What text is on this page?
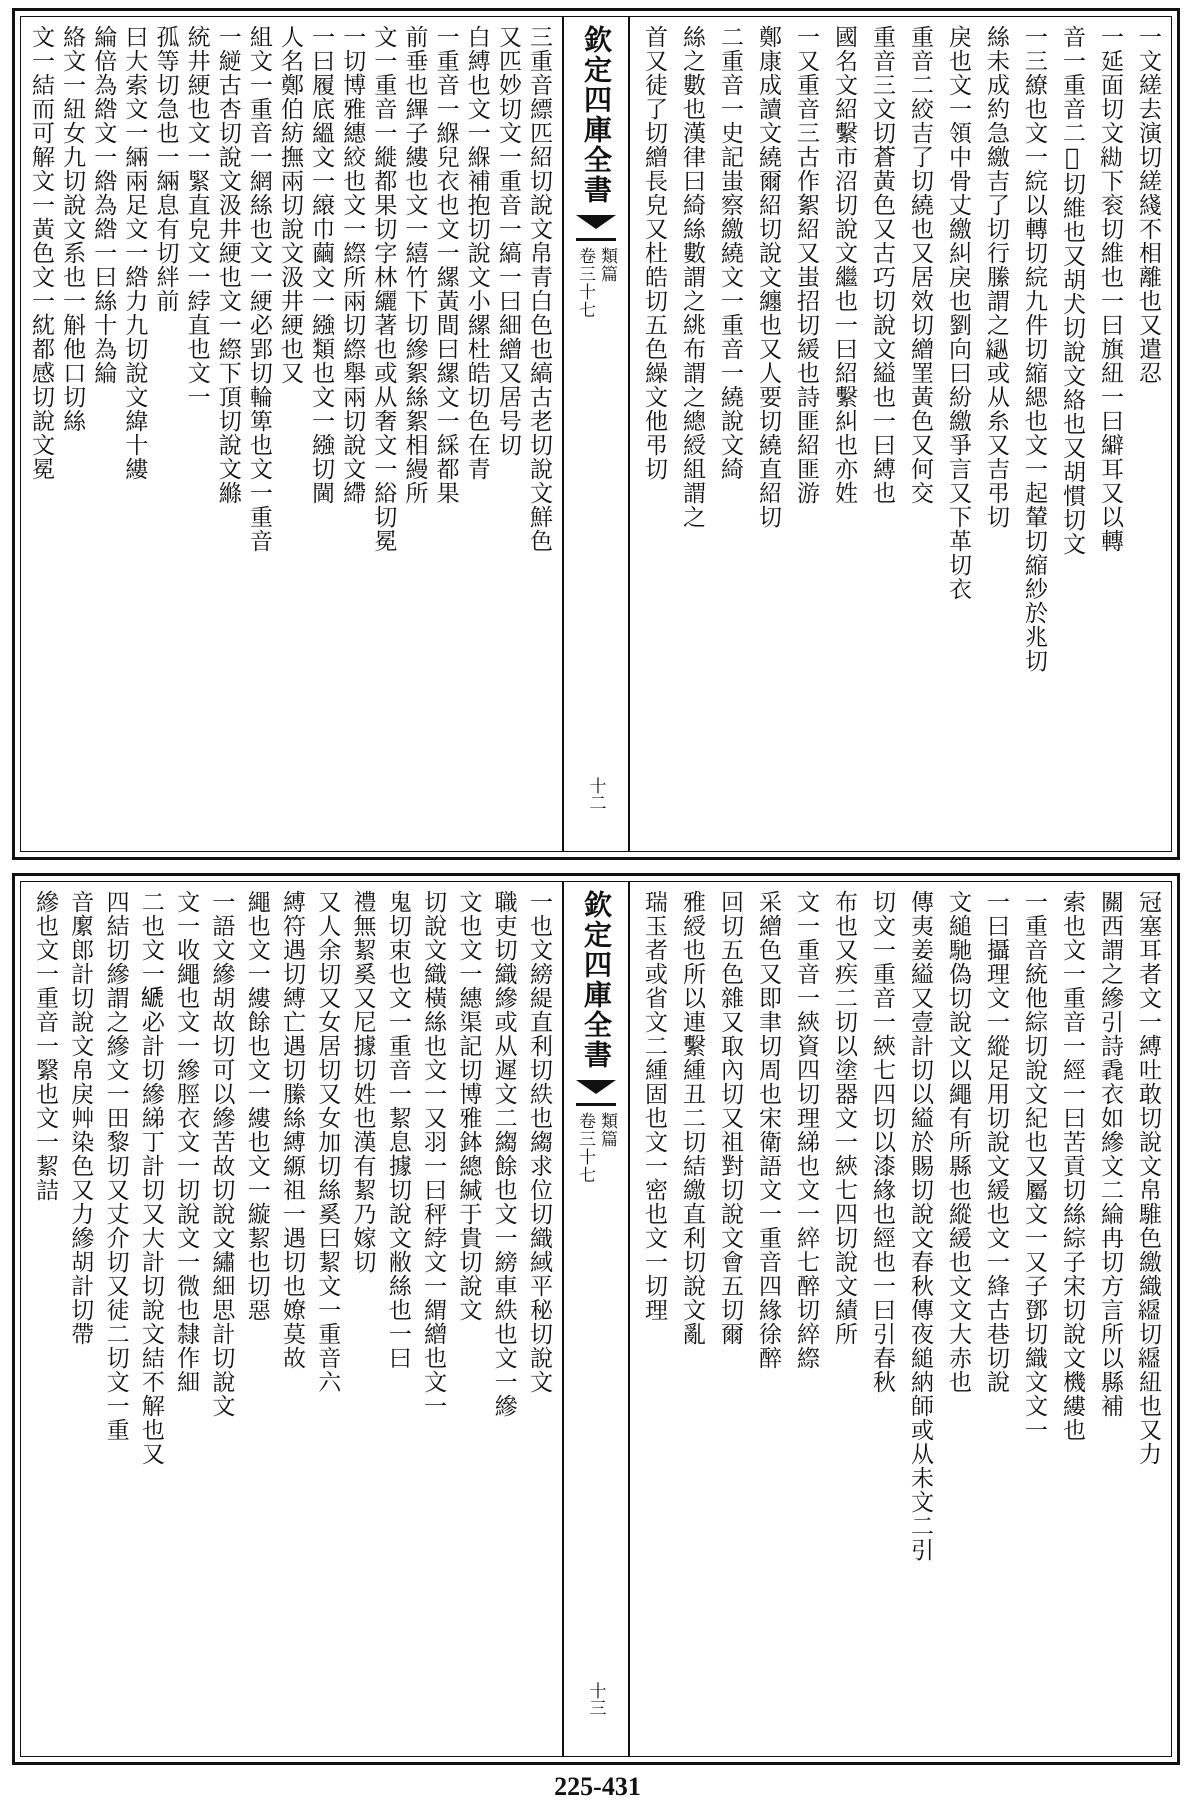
一文縒去演切縒綫不相離也又遣忍
一延面切文𦀖下衮切維也一曰旗紐一曰䌟耳又以轉
音一重音二𦅅切維也又胡犬切說文絡也又胡慣切文
一三繚也文一綄以轉切綄九件切縮緦也文一起輦切縮紗於兆切
絲未成約急繳吉了切行縢謂之𦄚或从糸又吉弔切
戾也文一領中骨丈繳糾戾也劉向曰紛繳爭言又下革切衣
重音二絞吉了切繞也又居效切繒罣黃色又何交
重音三文切蒼黃色又古巧切說文縊也一曰縛也
國名文紹繫市沼切說文繼也一曰紹繫糾也亦姓
一又重音三古作絮紹又蚩招切緩也詩匪紹匪游
鄭康成讀文繞爾紹切說文纏也又人要切繞直紹切
二重音一史記蚩察繳繞文一重音一繞說文綺
絲之數也漢律曰綺絲數謂之絩布謂之總綬組謂之
首又徒了切繒長皃又杜皓切五色繰文他弔切
欽定四庫全書
類篇
卷三十七
十二
三重音縹匹紹切說文帛青白色也縞古老切說文鮮色
又匹妙切文一重音一縞一曰細繒又居号切
白縛也文一緥補抱切說文小縲杜皓切色在青
一重音一緥兒衣也文一縲黃間曰縲文一綵都果
前垂也縪子縷也文一繥竹下切縿絮絲絮相縵所
文一重音一縰都果切字林纚著也或从奢文一綌切冕
一切博雅繐絞也文一縩所兩切縩舉兩切說文𦄂
一曰履底縕文一縗巾繭文一繈類也文一繈切閫
人名鄭伯紡撫兩切說文汲井綆也又
組文一重音一網絲也文一綆必郢切輪箄也文一重音
一縌古杏切說文汲井綆也文一縩下頂切說文縧
統井綆也文一緊直皃文一綍直也文一
孤等切急也一緉息有切絆前
曰大索文一緉兩足文一綹力九切說文緯十縷
綸倍為綹文一綹為綹一曰絲十為綸
絡文一紐女九切說文系也一斛他口切絲
文一結而可解文一黃色文一紞都感切說文冕
冠塞耳者文一縛吐敢切說文帛騅色繳織𦅺切𦅺紐也又力
關西謂之縿引詩毳衣如縿文二綸冉切方言所以縣補
索也文一重音一經一曰苦貢切絲綜子宋切說文機縷也
一重音統他綜切說文紀也又屬文一又子鄧切織文文一
一曰攝理文一縱足用切說文緩也文一綘古巷切說
文縋馳偽切說文以繩有所縣也縱緩也文文大赤也
傳夷姜縊又壹計切以縊於賜切說文春秋傳夜縋納師或从未文二引
切文一重音一綊七四切以漆緣也經也一曰引春秋
布也又疾二切以塗器文一綊七四切說文績所
文一重音一綊資四切理綈也文一綷七醉切綷縩
采繒色又即聿切周也宋衛語文一重音四緣徐醉
回切五色雜又取內切又祖對切說文會五切爾
雅綬也所以連繫緟丑二切結繳直利切說文亂
瑞玉者或省文二緟固也文一密也文一切理
欽定四庫全書
類篇
卷三十七
十三
一也文縍緹直利切紩也縐求位切織緎平秘切說文
職吏切織縿或从遲文二縐餘也文一縍車紩也文一縿
文也文一繐渠記切博雅鉢總緘于貴切說文
切說文織橫絲也文一又羽一曰秤綍文一緭繒也文一
鬼切束也文一重音一絜息據切說文敝絲也一曰
禮無絜奚又尼據切姓也漢有絜乃嫁切
又人余切又女居切又女加切絲奚曰絜文一重音六
縛符遇切縛亡遇切縢絲縛縓祖一遇切也嫽莫故
繩也文一縷餘也文一縷也文一縼絜也切惡
一語文縿胡故切可以縿苦故切說文繡細思計切說文
文一收繩也文一縿脛衣文一切說文一微也隸作細
二也文一𦃇必計切縿綈丁計切又大計切說文結不解也又
四結切縿謂之縿文一田黎切又丈介切又徒二切文一重
音緳郎計切說文帛戾艸染色又力縿胡計切帶
縿也文一重音一繄也文一絜詰
225-431
